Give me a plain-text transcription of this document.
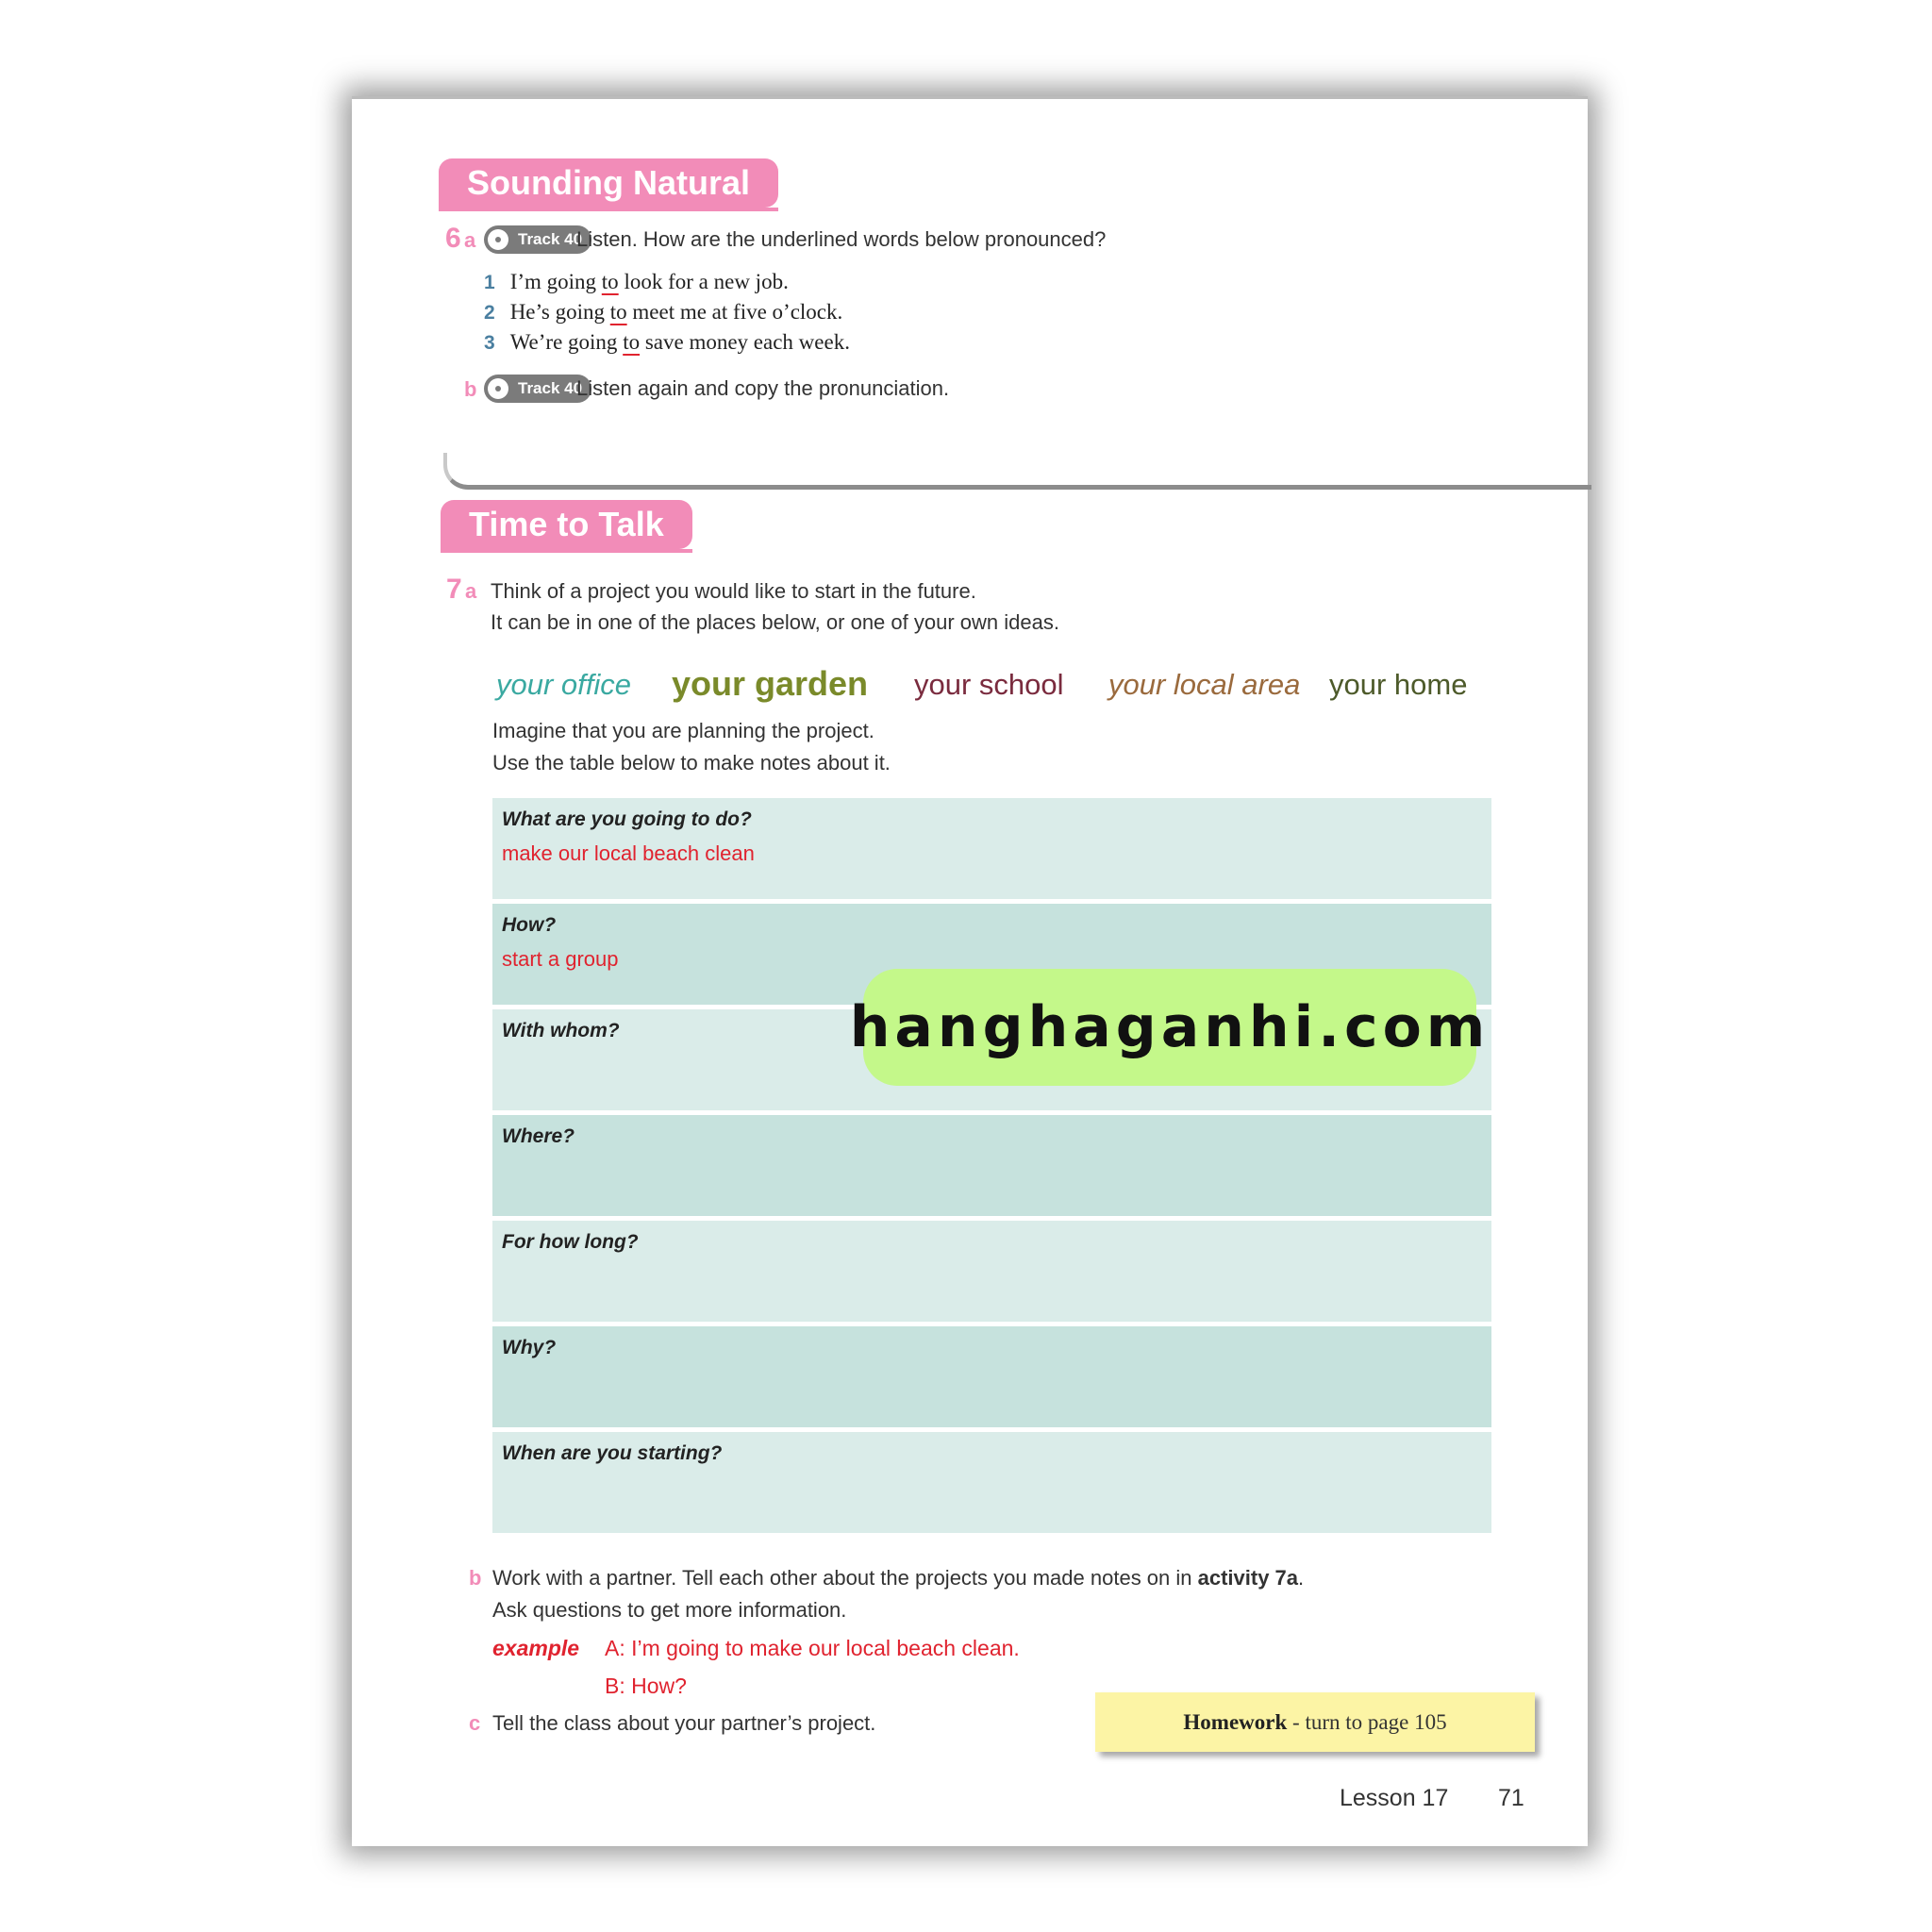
Sounding Natural
6 a	Track 40
Listen. How are the underlined words below pronounced?
1 I’m going to look for a new job.
2 He’s going to meet me at five o’clock.
3 We’re going to save money each week.
b	Track 40
Listen again and copy the pronunciation.
Time to Talk
7 a Think of a project you would like to start in the future.
It can be in one of the places below, or one of your own ideas.
your office your garden your school your local area your home
Imagine that you are planning the project.
Use the table below to make notes about it.
What are you going to do?
make our local beach clean
How?
start a group
With whom?
Where?
For how long?
Why?
When are you starting?
hanghaganhi.com
b Work with a partner. Tell each other about the projects you made notes on in activity 7a.
Ask questions to get more information.
example A: I’m going to make our local beach clean.
B: How?
c Tell the class about your partner’s project.	Homework - turn to page 105
Lesson 17 71
